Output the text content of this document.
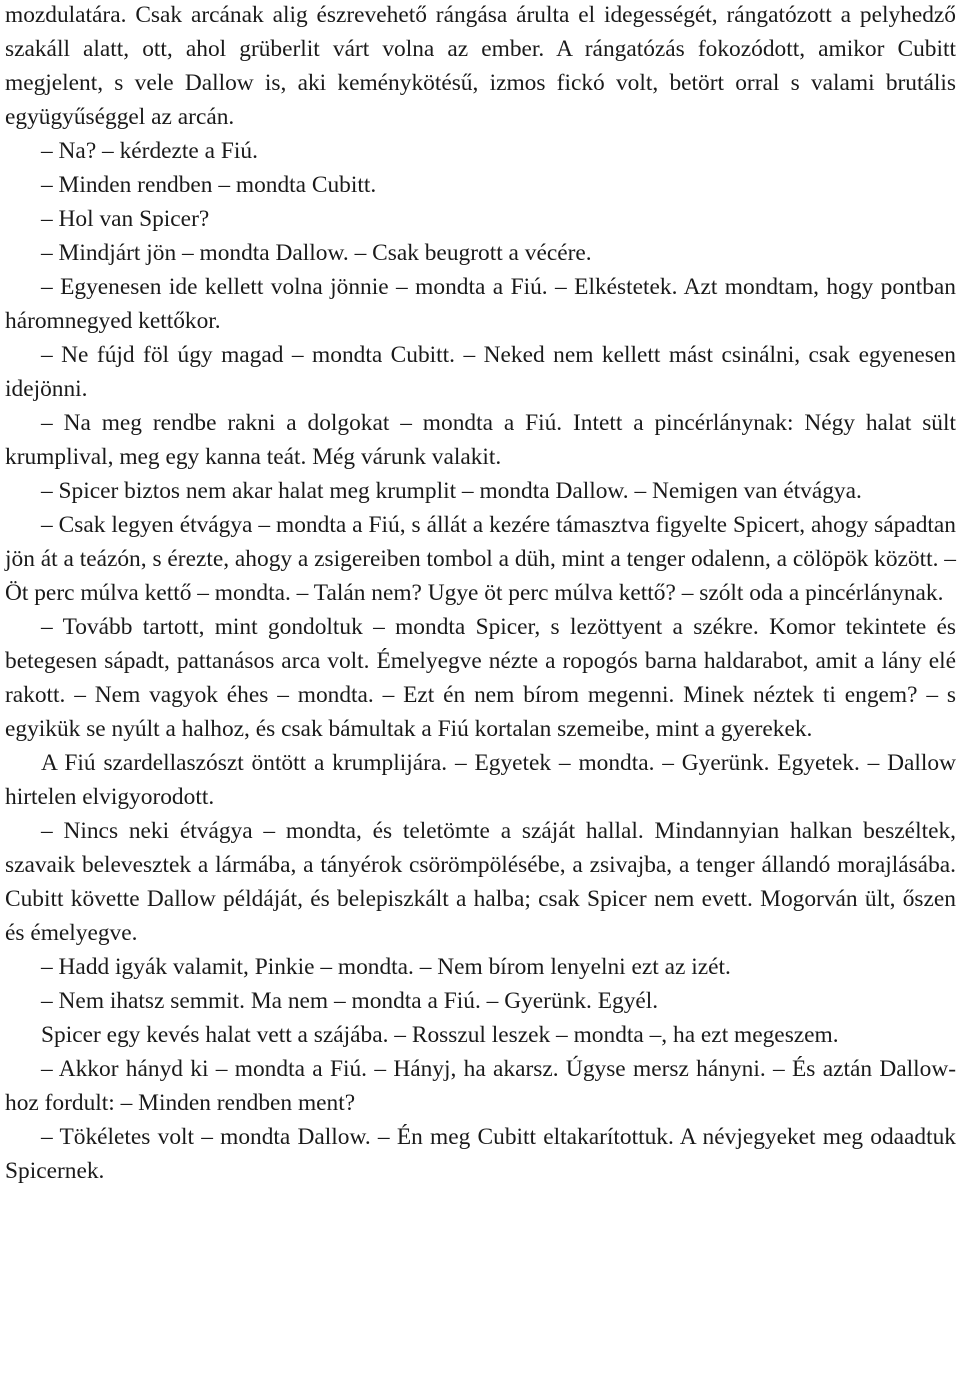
mozdulatára. Csak arcának alig észrevehető rángása árulta el idegességét, rángatózott a pelyhedző szakáll alatt, ott, ahol grüberlit várt volna az ember. A rángatózás fokozódott, amikor Cubitt megjelent, s vele Dallow is, aki keménykötésű, izmos fickó volt, betört orral s valami brutális együgyűséggel az arcán.

– Na? – kérdezte a Fiú.

– Minden rendben – mondta Cubitt.

– Hol van Spicer?

– Mindjárt jön – mondta Dallow. – Csak beugrott a vécére.

– Egyenesen ide kellett volna jönnie – mondta a Fiú. – Elkéstetek. Azt mondtam, hogy pontban háromnegyed kettőkor.

– Ne fújd föl úgy magad – mondta Cubitt. – Neked nem kellett mást csinálni, csak egyenesen idejönni.

– Na meg rendbe rakni a dolgokat – mondta a Fiú. Intett a pincérlánynak: Négy halat sült krumplival, meg egy kanna teát. Még várunk valakit.

– Spicer biztos nem akar halat meg krumplit – mondta Dallow. – Nemigen van étvágya.

– Csak legyen étvágya – mondta a Fiú, s állát a kezére támasztva figyelte Spicert, ahogy sápadtan jön át a teázón, s érezte, ahogy a zsigereiben tombol a düh, mint a tenger odalenn, a cölöpök között. – Öt perc múlva kettő – mondta. – Talán nem? Ugye öt perc múlva kettő? – szólt oda a pincérlánynak.

– Tovább tartott, mint gondoltuk – mondta Spicer, s lezöttyent a székre. Komor tekintete és betegesen sápadt, pattanásos arca volt. Émelyegve nézte a ropogós barna haldarabot, amit a lány elé rakott. – Nem vagyok éhes – mondta. – Ezt én nem bírom megenni. Minek néztek ti engem? – s egyikük se nyúlt a halhoz, és csak bámultak a Fiú kortalan szemeibe, mint a gyerekek.

A Fiú szardellaszószt öntött a krumplijára. – Egyetek – mondta. – Gyerünk. Egyetek. – Dallow hirtelen elvigyorodott.

– Nincs neki étvágya – mondta, és teletömte a száját hallal. Mindannyian halkan beszéltek, szavaik belevesztek a lármába, a tányérok csörömpölésébe, a zsivajba, a tenger állandó morajlásába. Cubitt követte Dallow példáját, és belepiszkált a halba; csak Spicer nem evett. Mogorván ült, őszen és émelyegve.

– Hadd igyák valamit, Pinkie – mondta. – Nem bírom lenyelni ezt az izét.

– Nem ihatsz semmit. Ma nem – mondta a Fiú. – Gyerünk. Egyél.

Spicer egy kevés halat vett a szájába. – Rosszul leszek – mondta –, ha ezt megeszem.

– Akkor hányd ki – mondta a Fiú. – Hányj, ha akarsz. Úgyse mersz hányni. – És aztán Dallow-hoz fordult: – Minden rendben ment?

– Tökéletes volt – mondta Dallow. – Én meg Cubitt eltakarítottuk. A névjegyeket meg odaadtuk Spicernek.
